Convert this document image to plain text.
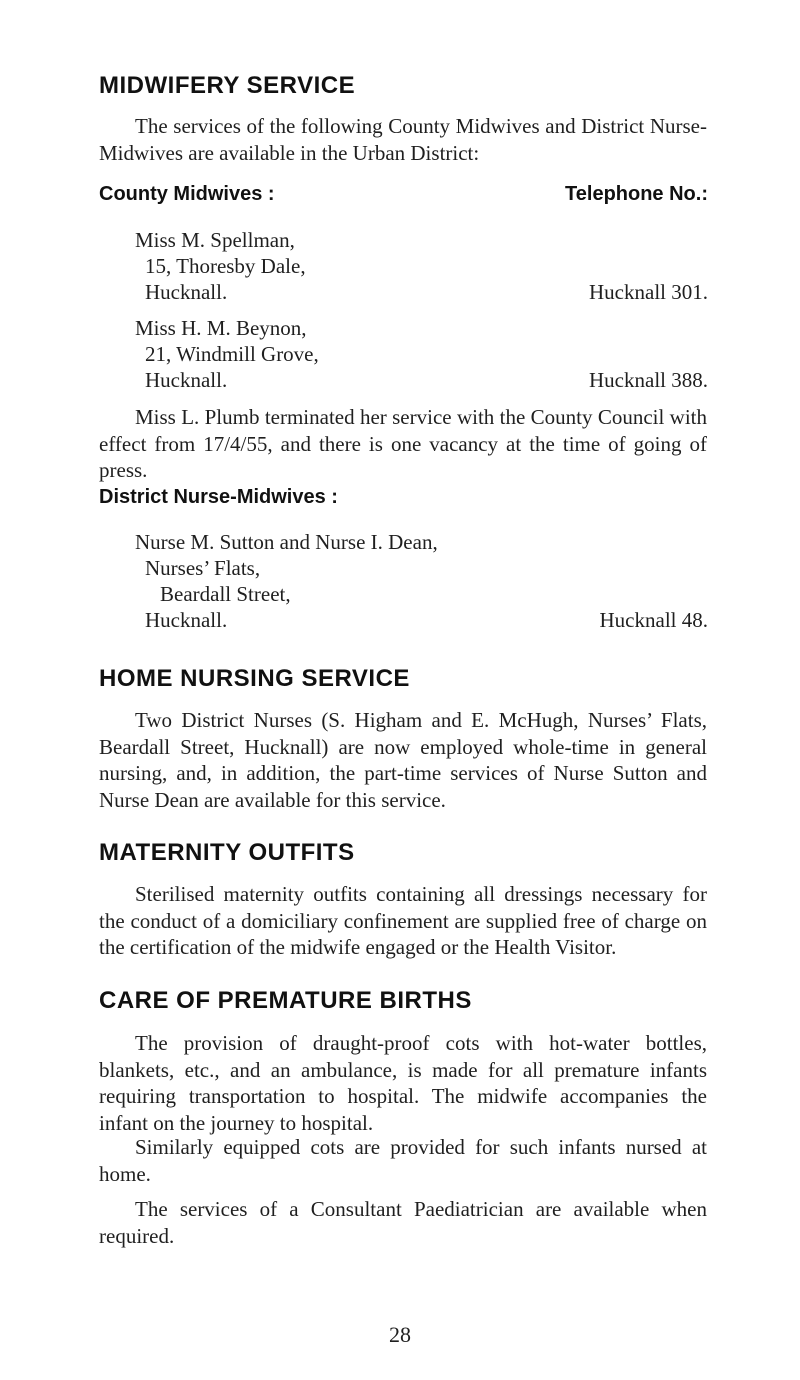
MIDWIFERY SERVICE

The services of the following County Midwives and District Nurse-Midwives are available in the Urban District:

County Midwives :	Telephone No.:
Miss M. Spellman,
15, Thoresby Dale,
Hucknall.	Hucknall 301.
Miss H. M. Beynon,
21, Windmill Grove,
Hucknall.	Hucknall 388.

Miss L. Plumb terminated her service with the County Council with effect from 17/4/55, and there is one vacancy at the time of going of press.

District Nurse-Midwives :
Nurse M. Sutton and Nurse I. Dean,
Nurses’ Flats,
Beardall Street,
Hucknall.	Hucknall 48.
HOME NURSING SERVICE

Two District Nurses (S. Higham and E. McHugh, Nurses’ Flats, Beardall Street, Hucknall) are now employed whole-time in general nursing, and, in addition, the part-time services of Nurse Sutton and Nurse Dean are available for this service.

MATERNITY OUTFITS

Sterilised maternity outfits containing all dressings necessary for the conduct of a domiciliary confinement are supplied free of charge on the certification of the midwife engaged or the Health Visitor.

CARE OF PREMATURE BIRTHS

The provision of draught-proof cots with hot-water bottles, blankets, etc., and an ambulance, is made for all premature infants requiring transportation to hospital. The midwife accompanies the infant on the journey to hospital.

Similarly equipped cots are provided for such infants nursed at home.

The services of a Consultant Paediatrician are available when required.

28
